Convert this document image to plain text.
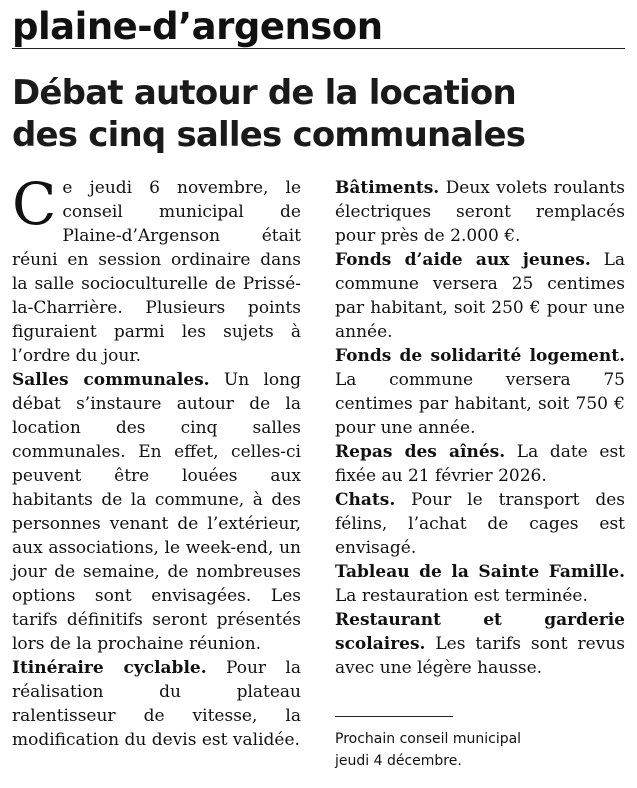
plaine-d’argenson
Débat autour de la location
des cinq salles communales

Ce jeudi 6 novembre, le conseil municipal de Plaine-d’Argenson était réuni en session ordinaire dans la salle socioculturelle de Prissé-la-Charrière. Plusieurs points figuraient parmi les sujets à l’ordre du jour.

Salles communales. Un long débat s’instaure autour de la location des cinq salles communales. En effet, celles-ci peuvent être louées aux habitants de la commune, à des personnes venant de l’extérieur, aux associations, le week-end, un jour de semaine, de nombreuses options sont envisagées. Les tarifs définitifs seront présentés lors de la prochaine réunion.

Itinéraire cyclable. Pour la réalisation du plateau ralentisseur de vitesse, la modification du devis est validée.

Bâtiments. Deux volets roulants électriques seront remplacés pour près de 2.000 €.

Fonds d’aide aux jeunes. La commune versera 25 centimes par habitant, soit 250 € pour une année.

Fonds de solidarité logement. La commune versera 75 centimes par habitant, soit 750 € pour une année.

Repas des aînés. La date est fixée au 21 février 2026.

Chats. Pour le transport des félins, l’achat de cages est envisagé.

Tableau de la Sainte Famille. La restauration est terminée.

Restaurant et garderie scolaires. Les tarifs sont revus avec une légère hausse.

Prochain conseil municipal
jeudi 4 décembre.
